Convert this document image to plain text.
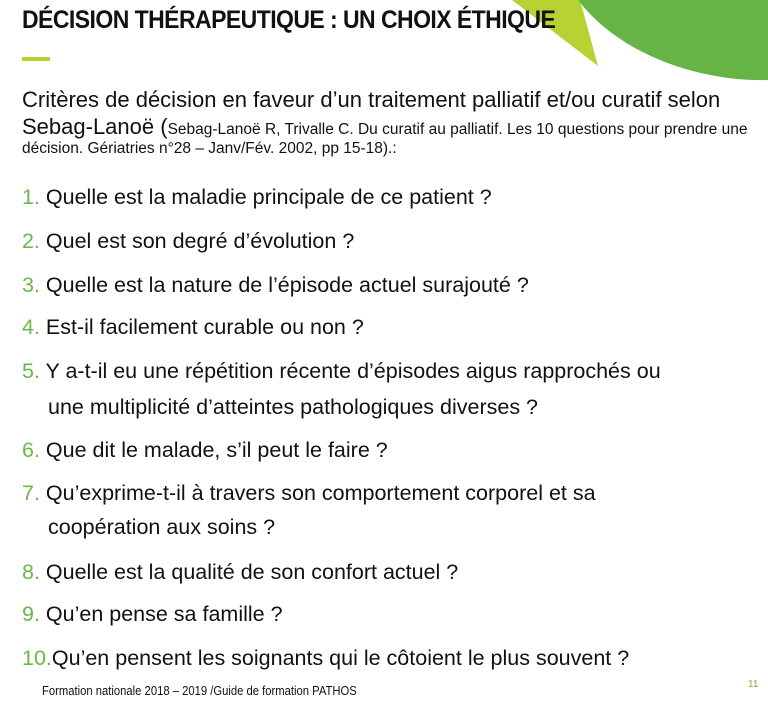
DÉCISION THÉRAPEUTIQUE : UN CHOIX ÉTHIQUE
Critères de décision en faveur d’un traitement palliatif et/ou curatif selon
Sebag-Lanoë (Sebag-Lanoë R, Trivalle C. Du curatif au palliatif. Les 10 questions pour prendre une
décision. Gériatries n°28 – Janv/Fév. 2002, pp 15-18).:
1. Quelle est la maladie principale de ce patient ?
2. Quel est son degré d’évolution ?
3. Quelle est la nature de l’épisode actuel surajouté ?
4. Est-il facilement curable ou non ?
5. Y a-t-il eu une répétition récente d’épisodes aigus rapprochés ou
une multiplicité d’atteintes pathologiques diverses ?
6. Que dit le malade, s’il peut le faire ?
7. Qu’exprime-t-il à travers son comportement corporel et sa
coopération aux soins ?
8. Quelle est la qualité de son confort actuel ?
9. Qu’en pense sa famille ?
10.Qu’en pensent les soignants qui le côtoient le plus souvent ?
Formation nationale 2018 – 2019 /Guide de formation PATHOS	11
